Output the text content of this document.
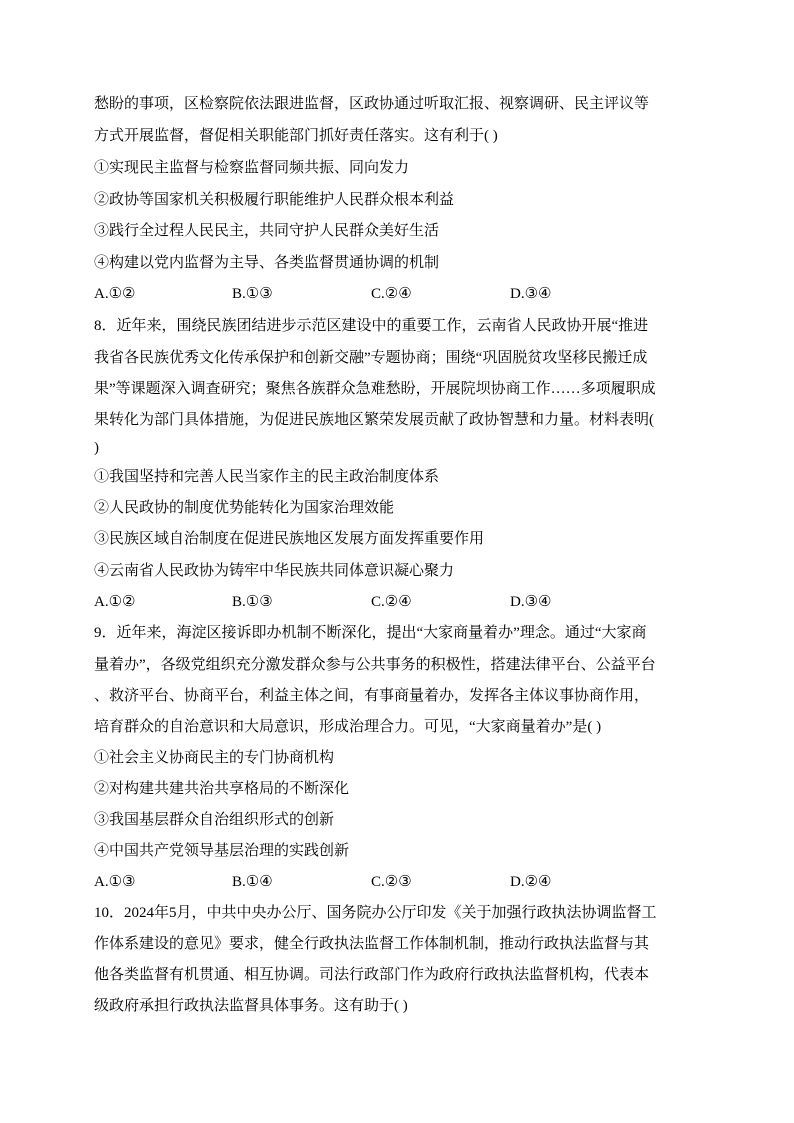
愁盼的事项，区检察院依法跟进监督，区政协通过听取汇报、视察调研、民主评议等
方式开展监督，督促相关职能部门抓好责任落实。这有利于( )
①实现民主监督与检察监督同频共振、同向发力
②政协等国家机关积极履行职能维护人民群众根本利益
③践行全过程人民民主，共同守护人民群众美好生活
④构建以党内监督为主导、各类监督贯通协调的机制
A.①②	B.①③	C.②④	D.③④
8．近年来，围绕民族团结进步示范区建设中的重要工作，云南省人民政协开展“推进
我省各民族优秀文化传承保护和创新交融”专题协商；围绕“巩固脱贫攻坚移民搬迁成
果”等课题深入调查研究；聚焦各族群众急难愁盼，开展院坝协商工作……多项履职成
果转化为部门具体措施，为促进民族地区繁荣发展贡献了政协智慧和力量。材料表明(
)
①我国坚持和完善人民当家作主的民主政治制度体系
②人民政协的制度优势能转化为国家治理效能
③民族区域自治制度在促进民族地区发展方面发挥重要作用
④云南省人民政协为铸牢中华民族共同体意识凝心聚力
A.①②	B.①③	C.②④	D.③④
9．近年来，海淀区接诉即办机制不断深化，提出“大家商量着办”理念。通过“大家商
量着办”，各级党组织充分激发群众参与公共事务的积极性，搭建法律平台、公益平台
、救济平台、协商平台，利益主体之间，有事商量着办，发挥各主体议事协商作用，
培育群众的自治意识和大局意识，形成治理合力。可见，“大家商量着办”是( )
①社会主义协商民主的专门协商机构
②对构建共建共治共享格局的不断深化
③我国基层群众自治组织形式的创新
④中国共产党领导基层治理的实践创新
A.①③	B.①④	C.②③	D.②④
10．2024年5月，中共中央办公厅、国务院办公厅印发《关于加强行政执法协调监督工
作体系建设的意见》要求，健全行政执法监督工作体制机制，推动行政执法监督与其
他各类监督有机贯通、相互协调。司法行政部门作为政府行政执法监督机构，代表本
级政府承担行政执法监督具体事务。这有助于( )
